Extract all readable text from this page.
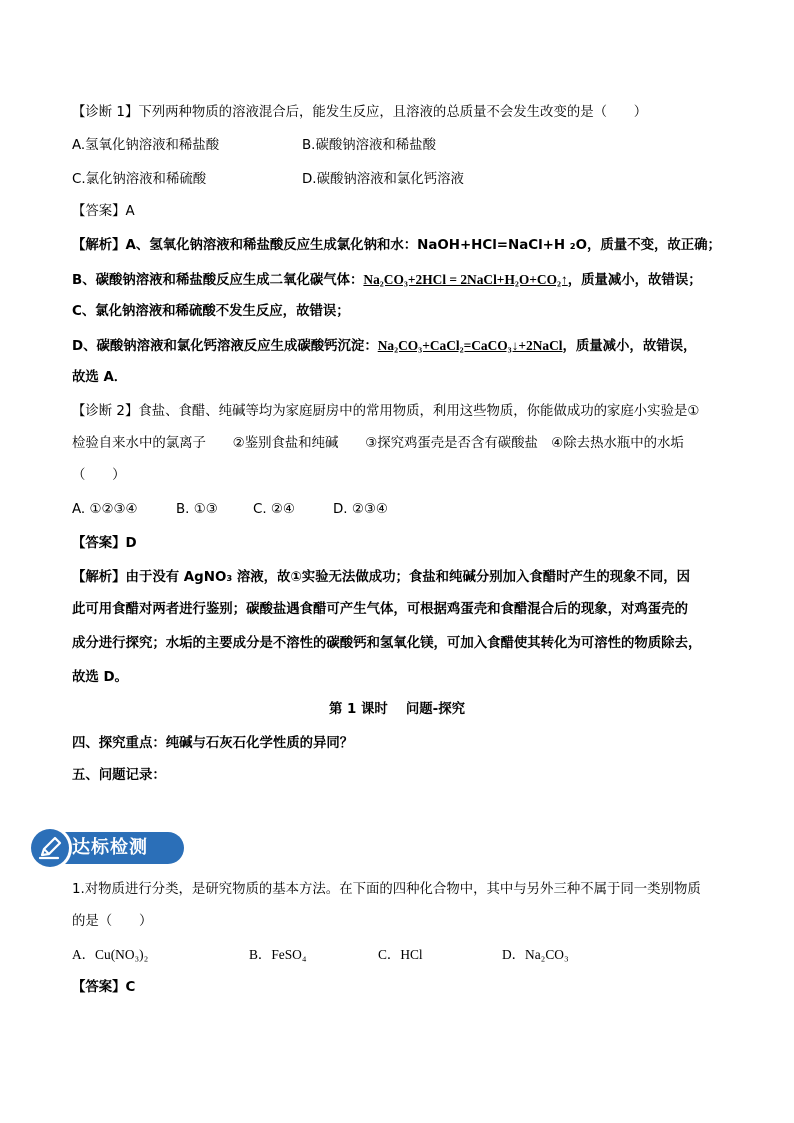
【诊断 1】下列两种物质的溶液混合后，能发生反应，且溶液的总质量不会发生改变的是（　　）
A.氢氧化钠溶液和稀盐酸	B.碳酸钠溶液和稀盐酸
C.氯化钠溶液和稀硫酸	D.碳酸钠溶液和氯化钙溶液
【答案】A
【解析】A、氢氧化钠溶液和稀盐酸反应生成氯化钠和水：NaOH+HCl=NaCl+H ₂O，质量不变，故正确；
B、碳酸钠溶液和稀盐酸反应生成二氧化碳气体：Na₂CO₃+2HCl = 2NaCl+H₂O+CO₂↑，质量减小，故错误；
C、氯化钠溶液和稀硫酸不发生反应，故错误；
D、碳酸钠溶液和氯化钙溶液反应生成碳酸钙沉淀：Na₂CO₃+CaCl₂=CaCO₃↓+2NaCl，质量减小，故错误，
故选 A．
【诊断 2】食盐、食醋、纯碱等均为家庭厨房中的常用物质，利用这些物质，你能做成功的家庭小实验是①
检验自来水中的氯离子　　②鉴别食盐和纯碱　　③探究鸡蛋壳是否含有碳酸盐　④除去热水瓶中的水垢
（　　）
A. ①②③④	B. ①③	C. ②④	D. ②③④
【答案】D
【解析】由于没有 AgNO₃ 溶液，故①实验无法做成功；食盐和纯碱分别加入食醋时产生的现象不同，因
此可用食醋对两者进行鉴别；碳酸盐遇食醋可产生气体，可根据鸡蛋壳和食醋混合后的现象，对鸡蛋壳的
成分进行探究；水垢的主要成分是不溶性的碳酸钙和氢氧化镁，可加入食醋使其转化为可溶性的物质除去，
故选 D。
第 1 课时　 问题-探究
四、探究重点：纯碱与石灰石化学性质的异同？
五、问题记录：
达标检测
1.对物质进行分类，是研究物质的基本方法。在下面的四种化合物中，其中与另外三种不属于同一类别物质
的是（　　）
A．Cu(NO₃)₂	B．FeSO₄	C．HCl	D．Na₂CO₃
【答案】C
